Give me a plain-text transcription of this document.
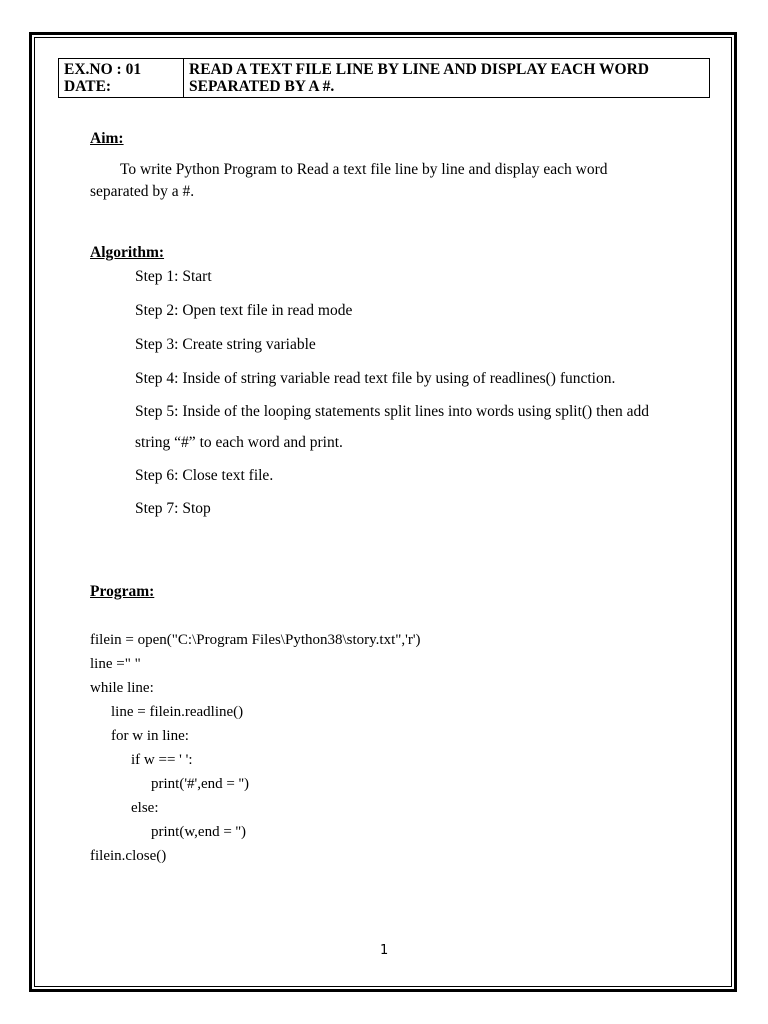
EX.NO : 01
DATE:
READ A TEXT FILE LINE BY LINE AND DISPLAY EACH WORD
SEPARATED BY A #.
Aim:
To write Python Program to Read a text file line by line and display each word
separated by a #.
Algorithm:
Step 1: Start
Step 2: Open text file in read mode
Step 3: Create string variable
Step 4: Inside of string variable read text file by using of readlines() function.
Step 5: Inside of the looping statements split lines into words using split() then add
string “#” to each word and print.
Step 6: Close text file.
Step 7: Stop
Program:
filein = open("C:\Program Files\Python38\story.txt",'r')
line =" "
while line:
line = filein.readline()
for w in line:
if w == ' ':
print('#',end = '')
else:
print(w,end = '')
filein.close()
1
